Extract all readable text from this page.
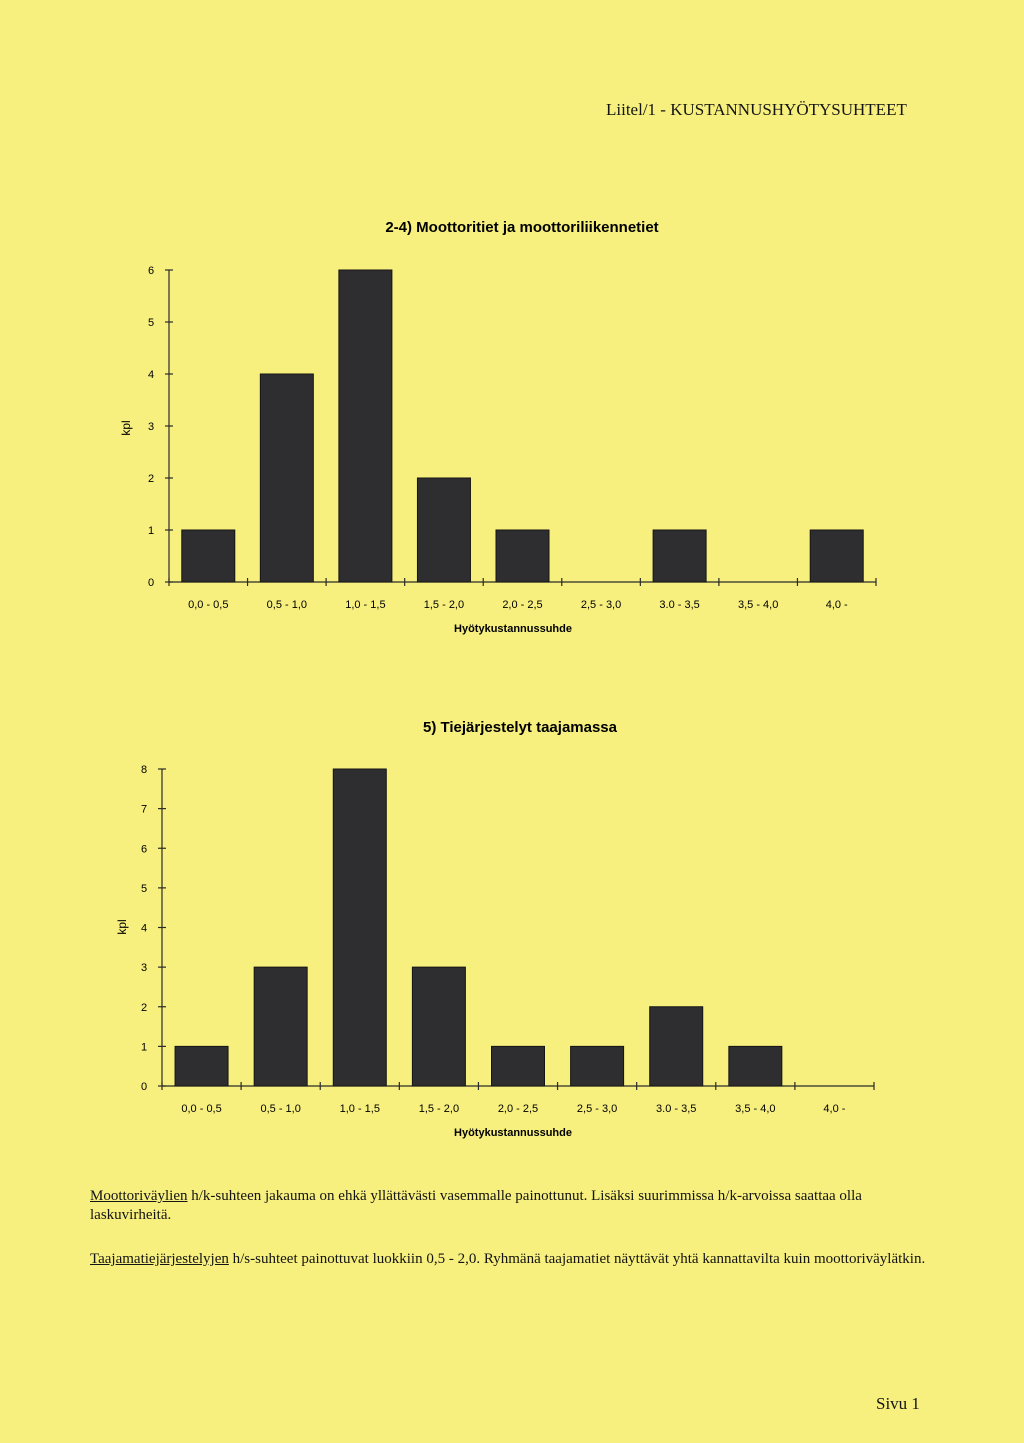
Liitel/1 - KUSTANNUSHYÖTYSUHTEET
2-4) Moottoritiet ja moottoriliikennetiet
0
1
2
3
4
5
6
kpl
0,0 - 0,5	0,5 - 1,0	1,0 - 1,5	1,5 - 2,0	2,0 - 2,5	2,5 - 3,0	3.0 - 3,5	3,5 - 4,0	4,0 -
Hyötykustannussuhde
5) Tiejärjestelyt taajamassa
0
1
2
3
4
5
6
7
8
kpl
0,0 - 0,5	0,5 - 1,0	1,0 - 1,5	1,5 - 2,0	2,0 - 2,5	2,5 - 3,0	3.0 - 3,5	3,5 - 4,0	4,0 -
Hyötykustannussuhde
Moottoriväylien h/k-suhteen jakauma on ehkä yllättävästi vasemmalle painottunut. Lisäksi suurimmissa h/k-arvoissa saattaa olla laskuvirheitä.
Taajamatiejärjestelyjen h/s-suhteet painottuvat luokkiin 0,5 - 2,0. Ryhmänä taajamatiet näyttävät yhtä kannattavilta kuin moottoriväylätkin.
Sivu 1
